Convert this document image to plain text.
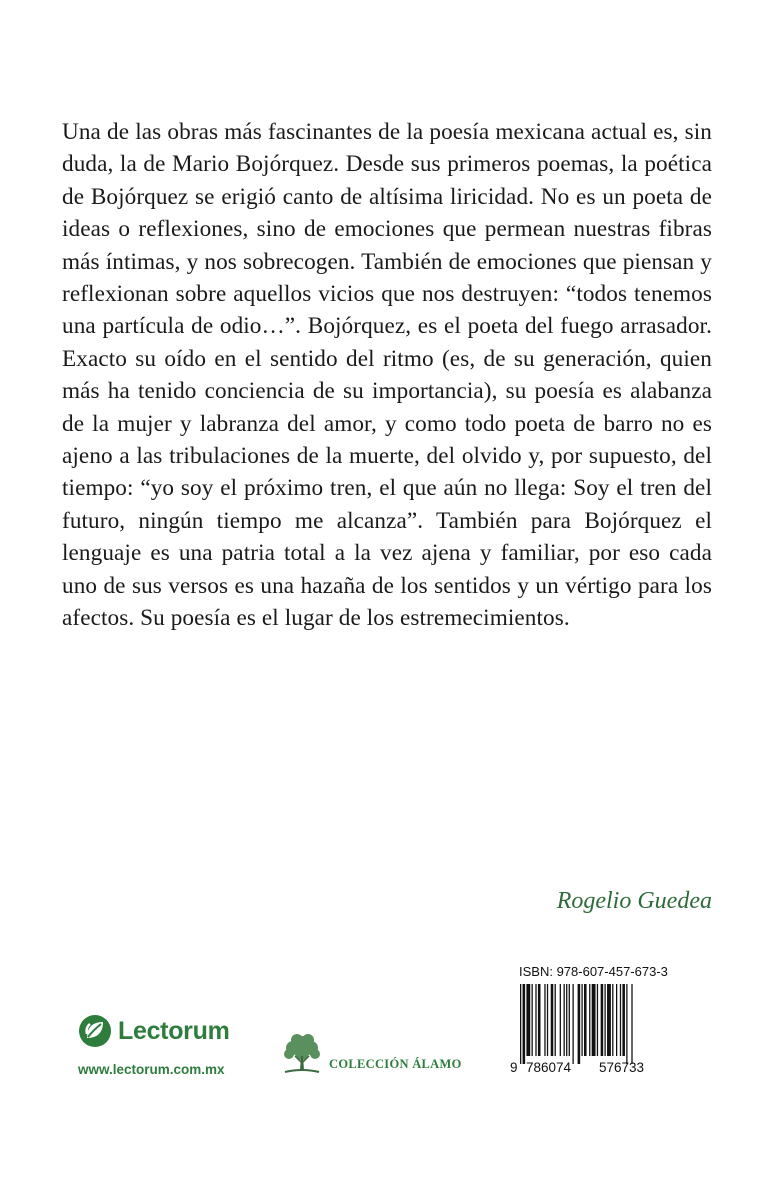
Una de las obras más fascinantes de la poesía mexicana actual es, sin duda, la de Mario Bojórquez. Desde sus primeros poemas, la poética de Bojórquez se erigió canto de altísima liricidad. No es un poeta de ideas o reflexiones, sino de emociones que permean nuestras fibras más íntimas, y nos sobrecogen. También de emociones que piensan y reflexionan sobre aquellos vicios que nos destruyen: “todos tenemos una partícula de odio…”. Bojórquez, es el poeta del fuego arrasador. Exacto su oído en el sentido del ritmo (es, de su generación, quien más ha tenido conciencia de su importancia), su poesía es alabanza de la mujer y labranza del amor, y como todo poeta de barro no es ajeno a las tribulaciones de la muerte, del olvido y, por supuesto, del tiempo: “yo soy el próximo tren, el que aún no llega: Soy el tren del futuro, ningún tiempo me alcanza”. También para Bojórquez el lenguaje es una patria total a la vez ajena y familiar, por eso cada uno de sus versos es una hazaña de los sentidos y un vértigo para los afectos. Su poesía es el lugar de los estremecimientos.

Rogelio Guedea

ISBN: 978-607-457-673-3
9 786074 576733
Lectorum
www.lectorum.com.mx	COLECCIÓN ÁLAMO
